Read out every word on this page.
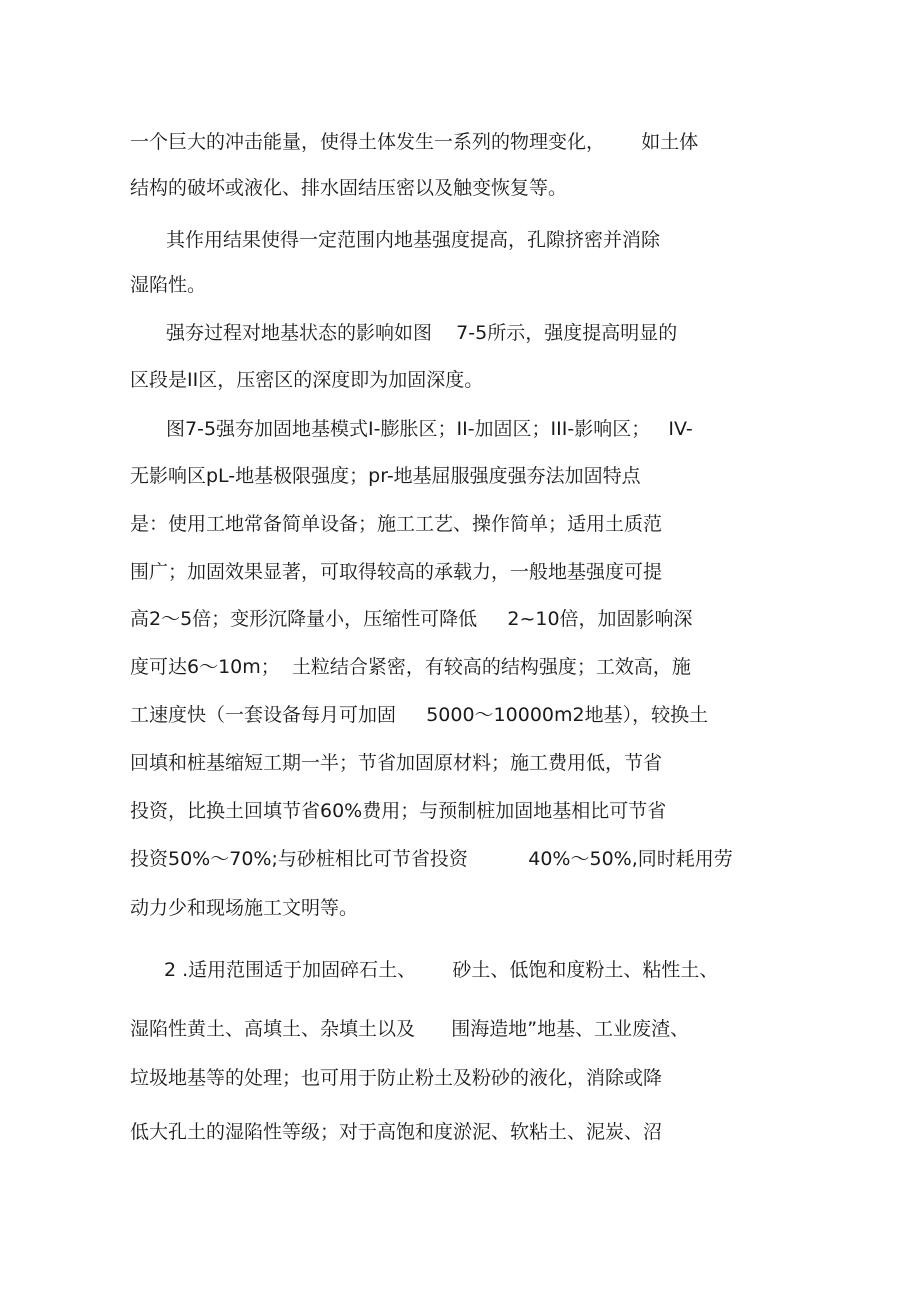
一个巨大的冲击能量，使得土体发生一系列的物理变化，      如土体
结构的破坏或液化、排水固结压密以及触变恢复等。
其作用结果使得一定范围内地基强度提高，孔隙挤密并消除
湿陷性。
强夯过程对地基状态的影响如图    7-5所示，强度提高明显的
区段是II区，压密区的深度即为加固深度。
图7-5强夯加固地基模式I-膨胀区；II-加固区；III-影响区；   IV-
无影响区pL-地基极限强度；pr-地基屈服强度强夯法加固特点
是：使用工地常备简单设备；施工工艺、操作简单；适用土质范
围广；加固效果显著，可取得较高的承载力，一般地基强度可提
高2～5倍；变形沉降量小，压缩性可降低     2~10倍，加固影响深
度可达6～10m；  土粒结合紧密，有较高的结构强度；工效高，施
工速度快（一套设备每月可加固     5000～10000m2地基），较换土
回填和桩基缩短工期一半；节省加固原材料；施工费用低，节省
投资，比换土回填节省60%费用；与预制桩加固地基相比可节省
投资50%～70%;与砂桩相比可节省投资          40%～50%,同时耗用劳
动力少和现场施工文明等。
2 .适用范围适于加固碎石土、      砂土、低饱和度粉土、粘性土、
湿陷性黄土、高填土、杂填土以及      围海造地”地基、工业废渣、
垃圾地基等的处理；也可用于防止粉土及粉砂的液化，消除或降
低大孔土的湿陷性等级；对于高饱和度淤泥、软粘土、泥炭、沼
